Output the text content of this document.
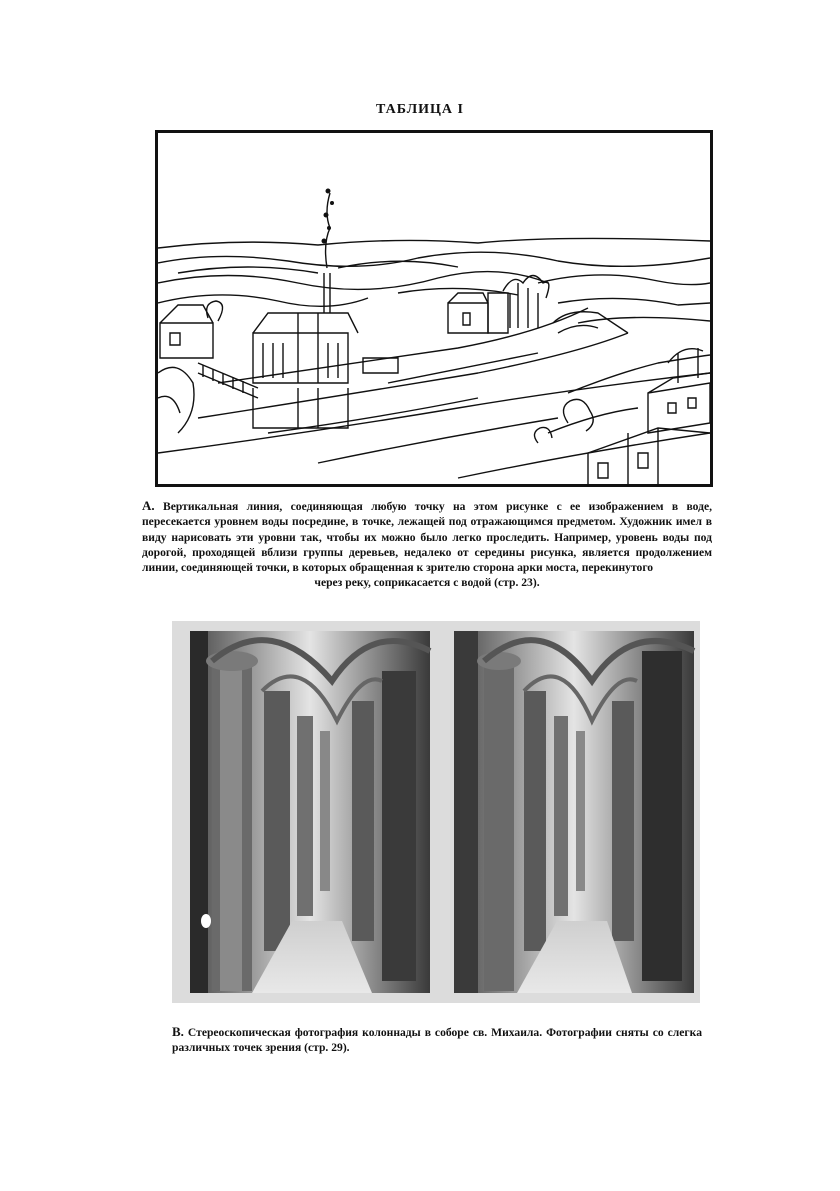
ТАБЛИЦА I
А. Вертикальная линия, соединяющая любую точку на этом рисунке с ее изображением в воде, пересекается уровнем воды посредине, в точке, лежащей под отражающимся предметом. Художник имел в виду нарисовать эти уровни так, чтобы их можно было легко проследить. Например, уровень воды под дорогой, проходящей вблизи группы деревьев, недалеко от середины рисунка, является продолжением линии, соединяющей точки, в которых обращенная к зрителю сторона арки моста, перекинутого
через реку, соприкасается с водой (стр. 23).
В. Стереоскопическая фотография колоннады в соборе св. Михаила. Фотографии сняты со слегка различных точек зрения (стр. 29).
